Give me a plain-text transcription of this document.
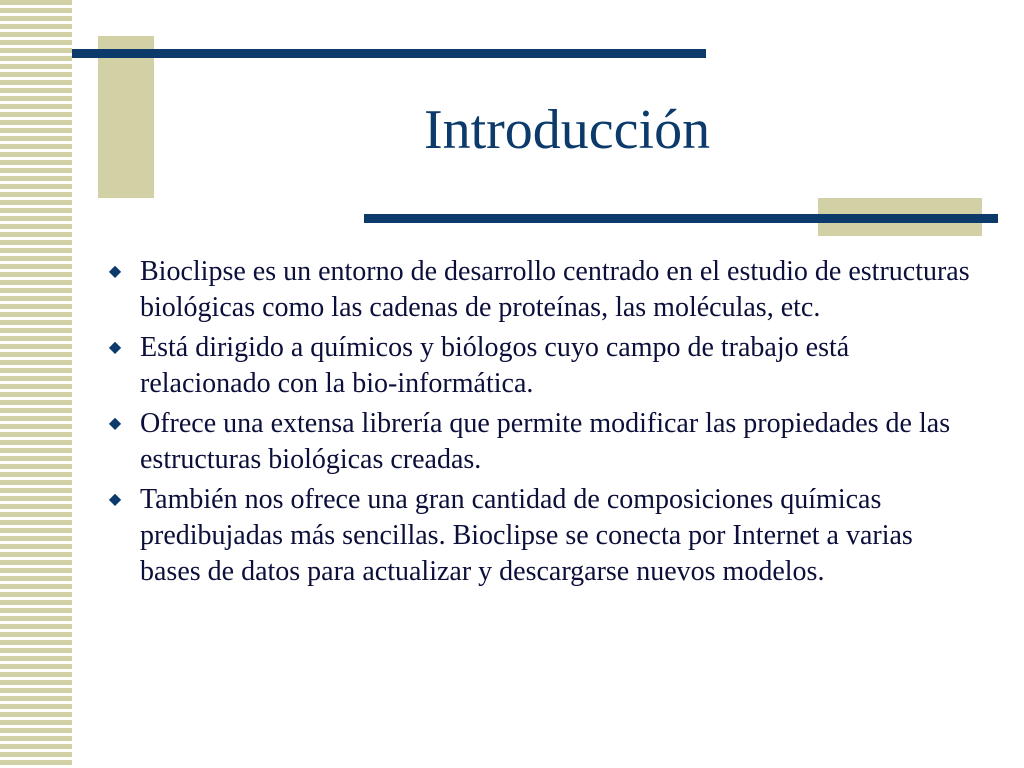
Introducción
◆ Bioclipse es un entorno de desarrollo centrado en el estudio de estructuras biológicas como las cadenas de proteínas, las moléculas, etc.
◆ Está dirigido a químicos y biólogos cuyo campo de trabajo está relacionado con la bio-informática.
◆ Ofrece una extensa librería que permite modificar las propiedades de las estructuras biológicas creadas.
◆ También nos ofrece una gran cantidad de composiciones químicas predibujadas más sencillas. Bioclipse se conecta por Internet a varias bases de datos para actualizar y descargarse nuevos modelos.
